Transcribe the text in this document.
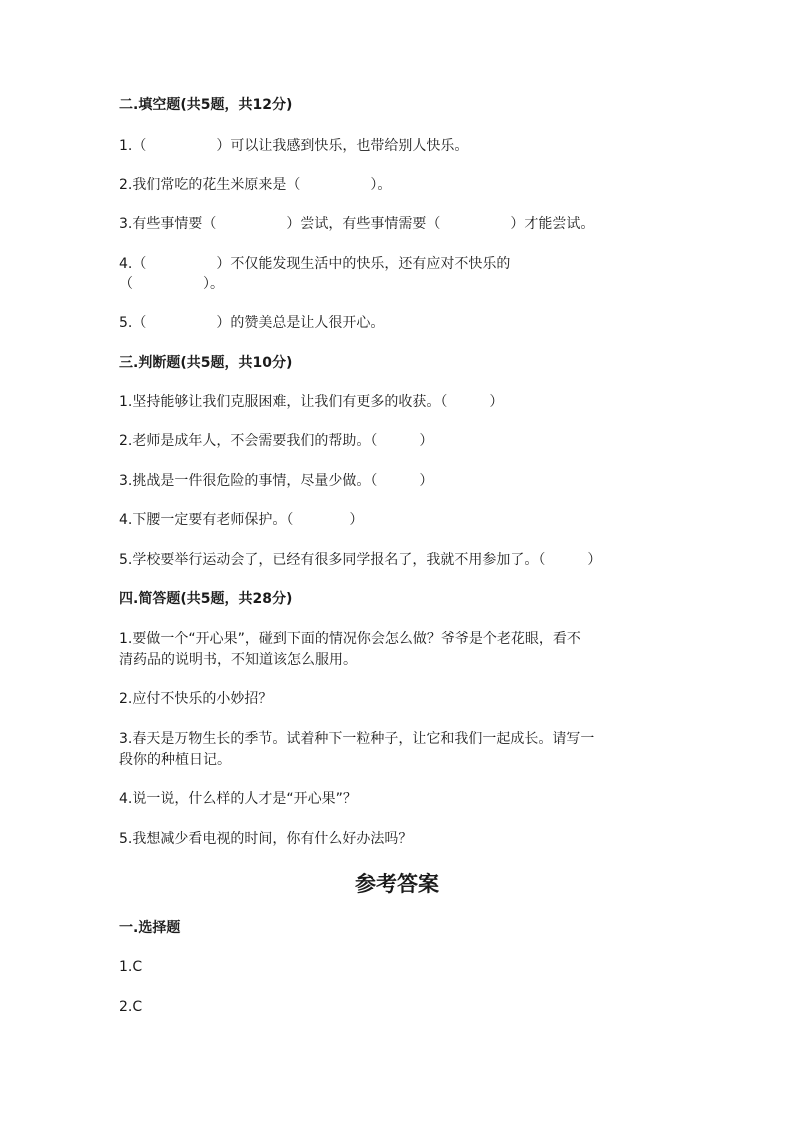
二.填空题(共5题，共12分)
1.（　　　　　）可以让我感到快乐，也带给别人快乐。
2.我们常吃的花生米原来是（　　　　　）。
3.有些事情要（　　　　　）尝试，有些事情需要（　　　　　）才能尝试。
4.（　　　　　）不仅能发现生活中的快乐，还有应对不快乐的
（　　　　　）。
5.（　　　　　）的赞美总是让人很开心。
三.判断题(共5题，共10分)
1.坚持能够让我们克服困难，让我们有更多的收获。（　　　）
2.老师是成年人，不会需要我们的帮助。（　　　）
3.挑战是一件很危险的事情，尽量少做。（　　　）
4.下腰一定要有老师保护。（　　　　）
5.学校要举行运动会了，已经有很多同学报名了，我就不用参加了。（　　　）
四.简答题(共5题，共28分)
1.要做一个“开心果”，碰到下面的情况你会怎么做？爷爷是个老花眼，看不
清药品的说明书，不知道该怎么服用。
2.应付不快乐的小妙招？
3.春天是万物生长的季节。试着种下一粒种子，让它和我们一起成长。请写一
段你的种植日记。
4.说一说，什么样的人才是“开心果”？
5.我想减少看电视的时间，你有什么好办法吗？
参考答案
一.选择题
1.C
2.C
